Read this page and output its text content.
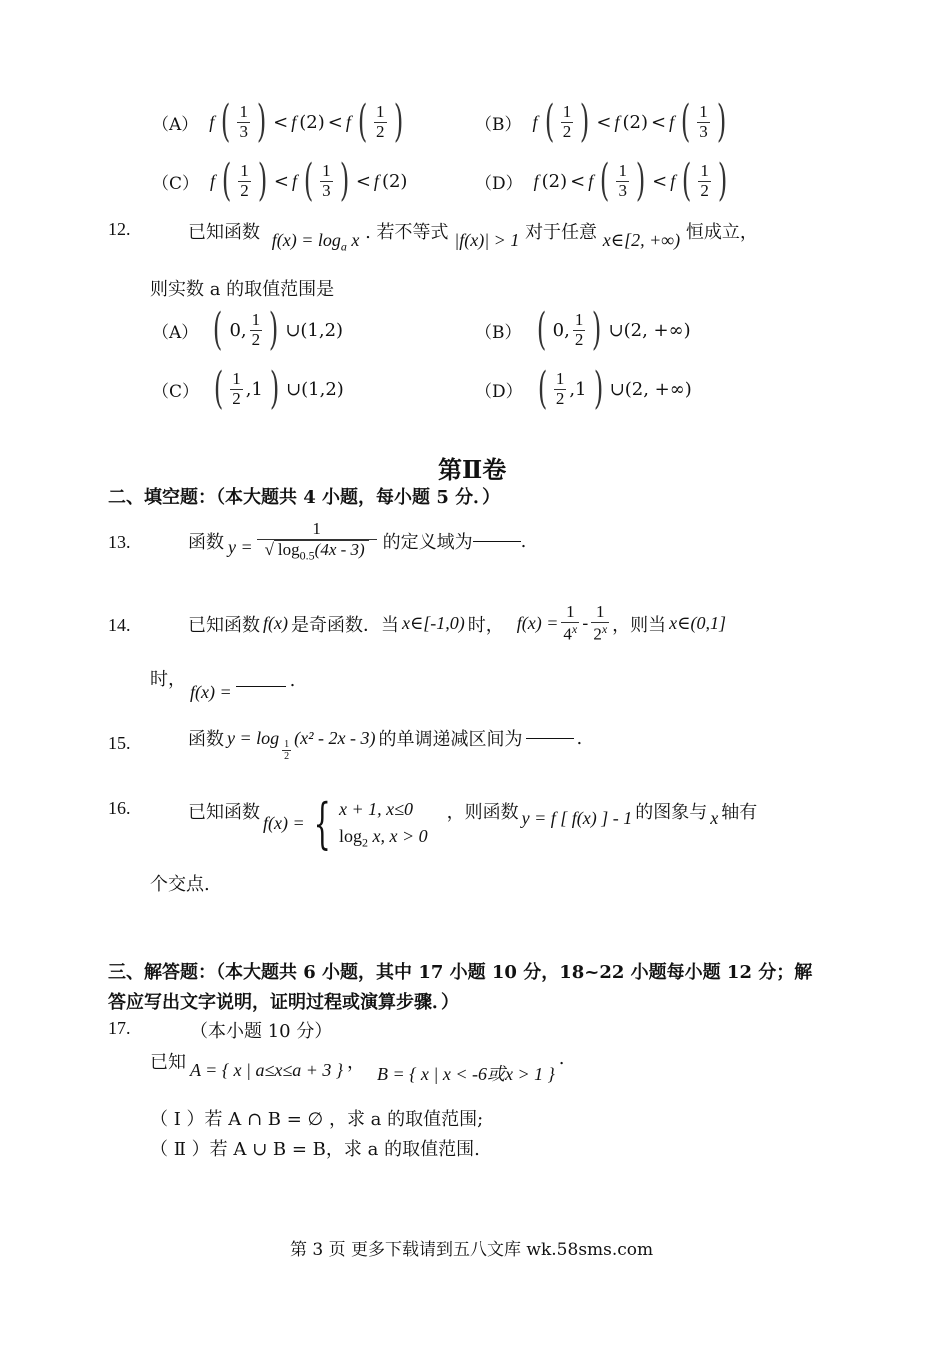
（A） f ( $\frac{1}{3}$ ) < f (2) < f ( $\frac{1}{2}$ )	（B） f ( $\frac{1}{2}$ ) < f (2) < f ( $\frac{1}{3}$ )
（C） f ( $\frac{1}{2}$ ) < f ( $\frac{1}{3}$ ) < f (2)	（D） f (2) < f ( $\frac{1}{3}$ ) < f ( $\frac{1}{2}$ )
12.	已知函数 $f(x) = \log_a x$ . 若不等式 |f(x)| > 1 对于任意 x∈[2, +∞) 恒成立，
则实数 a 的取值范围是
（A） ( 0, $\frac{1}{2}$ ) ∪(1,2)	（B） ( 0, $\frac{1}{2}$ ) ∪(2, +∞)
（C） ( $\frac{1}{2} ,1$ ) ∪(1,2)	（D） ( $\frac{1}{2} ,1$ ) ∪(2, +∞)
第Ⅱ卷
二、填空题：（本大题共 4 小题，每小题 5 分．）
13.	函数 $y = \frac{1}{√ \log_{0.5}(4x - 3)}$ 的定义域为	.
14.	已知函数 f(x) 是奇函数．当 x∈[-1,0) 时， $f(x) = \frac{1}{4^x} - \frac{1}{2^x}$ ，则当 x∈(0,1]
时，
f(x) =
.
15.	函数 y = log
$\frac{1}{2}$
(x² - 2x - 3) 的单调递减区间为	.
16.	已知函数
f(x) = { x + 1, x≤0
$\log_2 x$, x > 0
，则函数 y = f [ f(x) ] - 1 的图象与 x 轴有
个交点.
三、解答题：（本大题共 6 小题，其中 17 小题 10 分，18~22 小题每小题 12 分；解
答应写出文字说明，证明过程或演算步骤．）
17.	（本小题 10 分）
已知 A = { x | a≤x≤a + 3 } ，
B = { x | x < -6或x > 1 }
.
（ Ⅰ ）若 A ∩ B = ∅ ，求 a 的取值范围;
（ Ⅱ ）若 A ∪ B = B，求 a 的取值范围.
第 3 页 更多下载请到五八文库 wk.58sms.com
